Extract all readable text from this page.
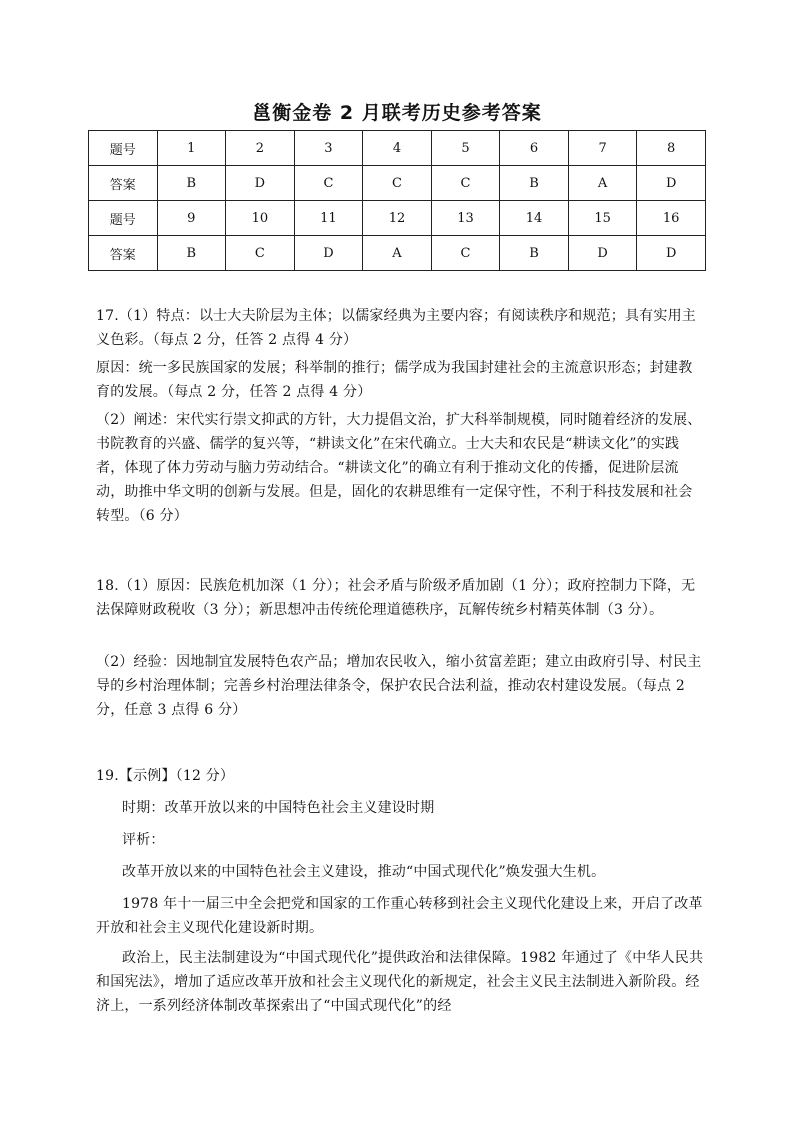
邕衡金卷 2 月联考历史参考答案
题号	1	2	3	4	5	6	7	8
答案	B	D	C	C	C	B	A	D
题号	9	10	11	12	13	14	15	16
答案	B	C	D	A	C	B	D	D

17.（1）特点：以士大夫阶层为主体；以儒家经典为主要内容；有阅读秩序和规范；具有实用主义色彩。（每点 2 分，任答 2 点得 4 分）

原因：统一多民族国家的发展；科举制的推行；儒学成为我国封建社会的主流意识形态；封建教育的发展。（每点 2 分，任答 2 点得 4 分）

（2）阐述：宋代实行崇文抑武的方针，大力提倡文治，扩大科举制规模，同时随着经济的发展、书院教育的兴盛、儒学的复兴等，“耕读文化”在宋代确立。士大夫和农民是“耕读文化”的实践者，体现了体力劳动与脑力劳动结合。“耕读文化”的确立有利于推动文化的传播，促进阶层流动，助推中华文明的创新与发展。但是，固化的农耕思维有一定保守性，不利于科技发展和社会转型。（6 分）

18.（1）原因：民族危机加深（1 分）；社会矛盾与阶级矛盾加剧（1 分）；政府控制力下降，无法保障财政税收（3 分）；新思想冲击传统伦理道德秩序，瓦解传统乡村精英体制（3 分）。

（2）经验：因地制宜发展特色农产品；增加农民收入，缩小贫富差距；建立由政府引导、村民主导的乡村治理体制；完善乡村治理法律条令，保护农民合法利益，推动农村建设发展。（每点 2 分，任意 3 点得 6 分）

19.【示例】（12 分）

时期：改革开放以来的中国特色社会主义建设时期

评析：

改革开放以来的中国特色社会主义建设，推动“中国式现代化”焕发强大生机。

1978 年十一届三中全会把党和国家的工作重心转移到社会主义现代化建设上来，开启了改革开放和社会主义现代化建设新时期。

政治上，民主法制建设为“中国式现代化”提供政治和法律保障。1982 年通过了《中华人民共和国宪法》，增加了适应改革开放和社会主义现代化的新规定，社会主义民主法制进入新阶段。经济上，一系列经济体制改革探索出了“中国式现代化”的经
